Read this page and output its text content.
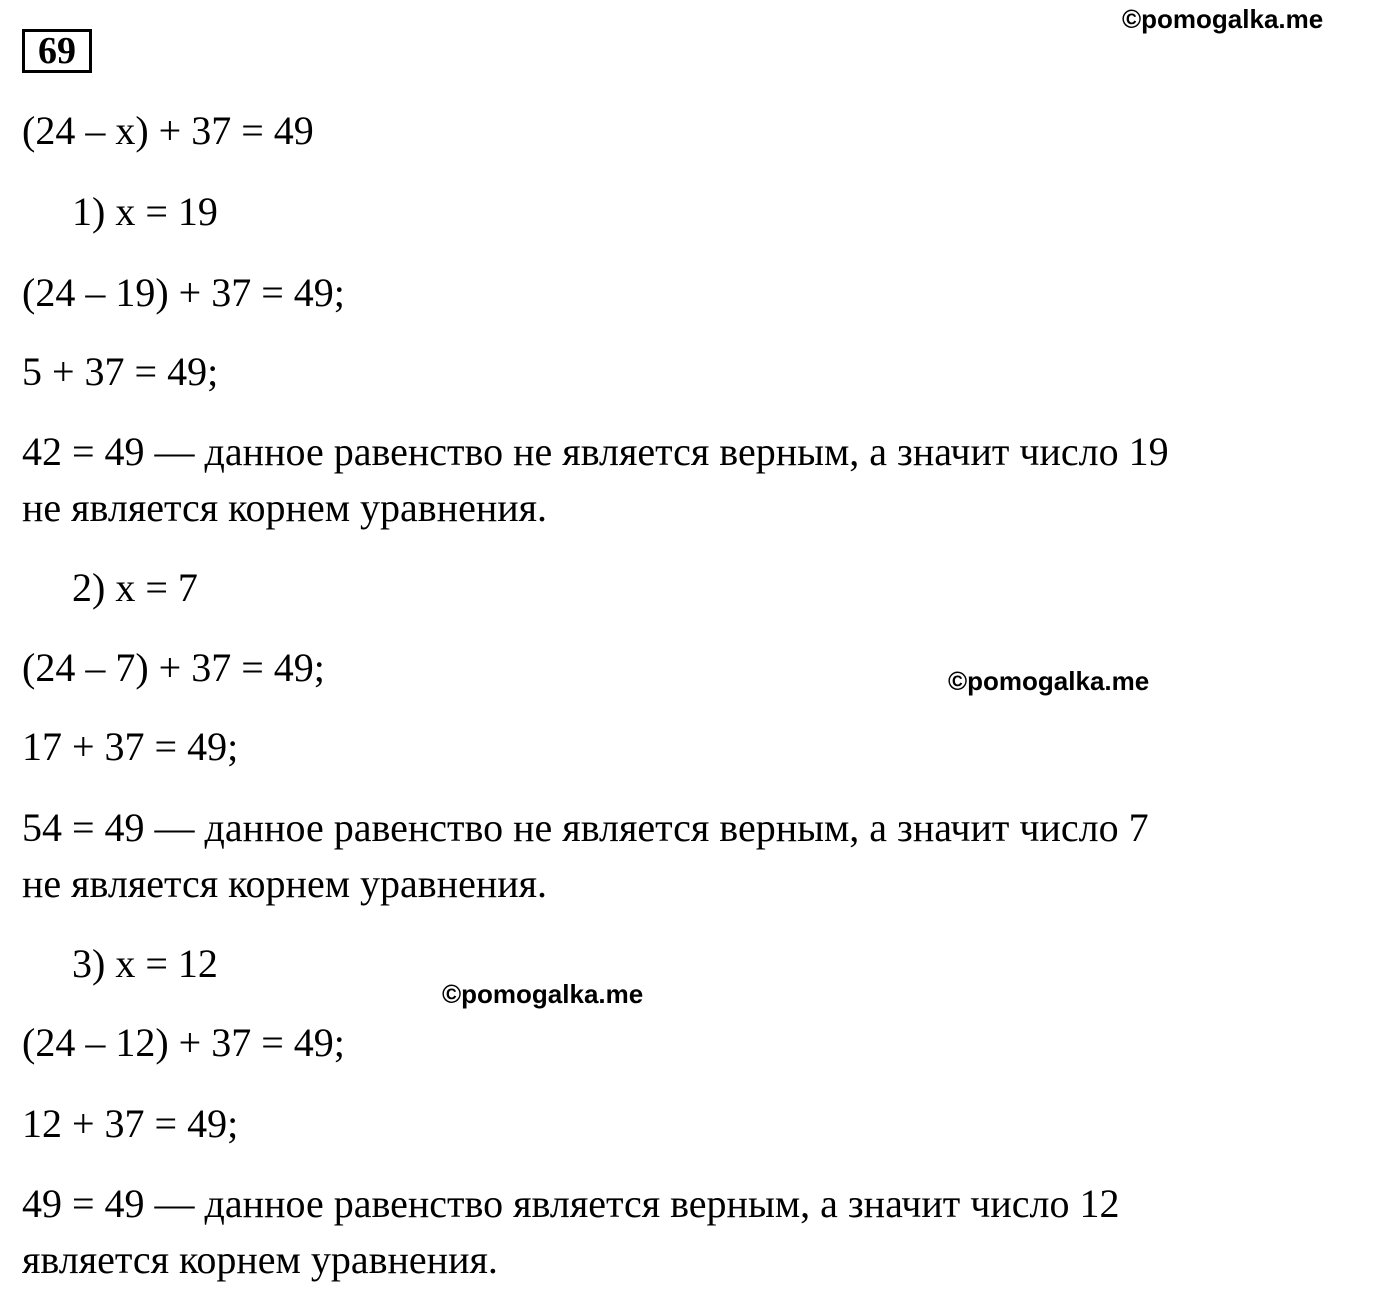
69
©pomogalka.me
©pomogalka.me
©pomogalka.me
(24 – x) + 37 = 49
1) x = 19
(24 – 19) + 37 = 49;
5 + 37 = 49;
42 = 49 — данное равенство не является верным, а значит число 19
не является корнем уравнения.
2) x = 7
(24 – 7) + 37 = 49;
17 + 37 = 49;
54 = 49 — данное равенство не является верным, а значит число 7
не является корнем уравнения.
3) x = 12
(24 – 12) + 37 = 49;
12 + 37 = 49;
49 = 49 — данное равенство является верным, а значит число 12
является корнем уравнения.
